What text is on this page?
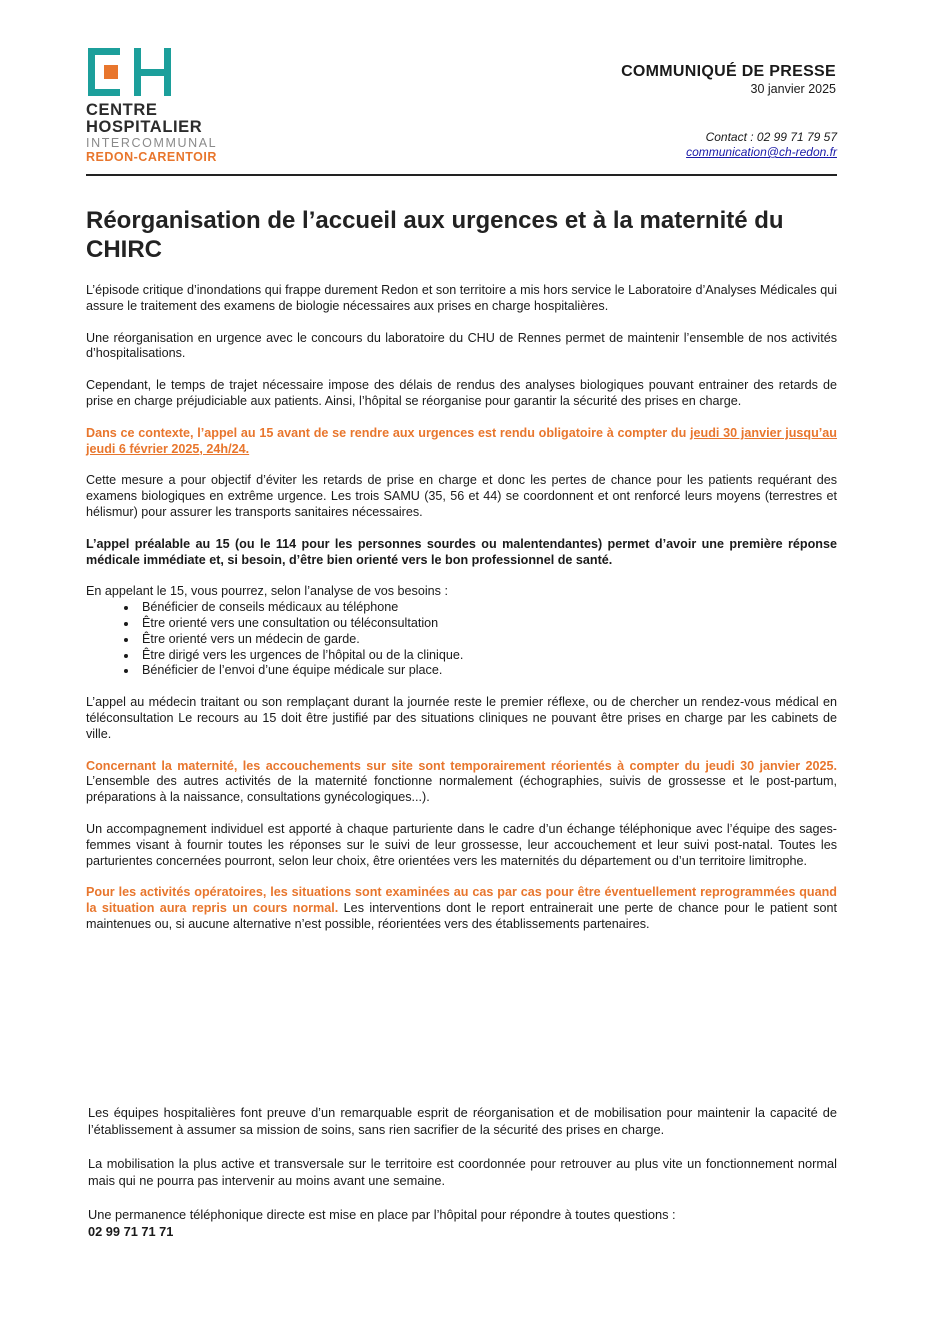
CENTRE
HOSPITALIER
INTERCOMMUNAL
REDON-CARENTOIR
COMMUNIQUÉ DE PRESSE
30 janvier 2025
Contact : 02 99 71 79 57
communication@ch-redon.fr
Réorganisation de l’accueil aux urgences et à la maternité du CHIRC

L’épisode critique d’inondations qui frappe durement Redon et son territoire a mis hors service le Laboratoire d’Analyses Médicales qui assure le traitement des examens de biologie nécessaires aux prises en charge hospitalières.

Une réorganisation en urgence avec le concours du laboratoire du CHU de Rennes permet de maintenir l’ensemble de nos activités d’hospitalisations.

Cependant, le temps de trajet nécessaire impose des délais de rendus des analyses biologiques pouvant entrainer des retards de prise en charge préjudiciable aux patients. Ainsi, l’hôpital se réorganise pour garantir la sécurité des prises en charge.

Dans ce contexte, l’appel au 15 avant de se rendre aux urgences est rendu obligatoire à compter du jeudi 30 janvier jusqu’au jeudi 6 février 2025, 24h/24.

Cette mesure a pour objectif d’éviter les retards de prise en charge et donc les pertes de chance pour les patients requérant des examens biologiques en extrême urgence. Les trois SAMU (35, 56 et 44) se coordonnent et ont renforcé leurs moyens (terrestres et hélismur) pour assurer les transports sanitaires nécessaires.

L’appel préalable au 15 (ou le 114 pour les personnes sourdes ou malentendantes) permet d’avoir une première réponse médicale immédiate et, si besoin, d’être bien orienté vers le bon professionnel de santé.

En appelant le 15, vous pourrez, selon l’analyse de vos besoins :

• Bénéficier de conseils médicaux au téléphone
• Être orienté vers une consultation ou téléconsultation
• Être orienté vers un médecin de garde.
• Être dirigé vers les urgences de l’hôpital ou de la clinique.
• Bénéficier de l’envoi d’une équipe médicale sur place.

L’appel au médecin traitant ou son remplaçant durant la journée reste le premier réflexe, ou de chercher un rendez-vous médical en téléconsultation Le recours au 15 doit être justifié par des situations cliniques ne pouvant être prises en charge par les cabinets de ville.

Concernant la maternité, les accouchements sur site sont temporairement réorientés à compter du jeudi 30 janvier 2025. L’ensemble des autres activités de la maternité fonctionne normalement (échographies, suivis de grossesse et le post-partum, préparations à la naissance, consultations gynécologiques...).

Un accompagnement individuel est apporté à chaque parturiente dans le cadre d’un échange téléphonique avec l’équipe des sages-femmes visant à fournir toutes les réponses sur le suivi de leur grossesse, leur accouchement et leur suivi post-natal. Toutes les parturientes concernées pourront, selon leur choix, être orientées vers les maternités du département ou d’un territoire limitrophe.

Pour les activités opératoires, les situations sont examinées au cas par cas pour être éventuellement reprogrammées quand la situation aura repris un cours normal. Les interventions dont le report entrainerait une perte de chance pour le patient sont maintenues ou, si aucune alternative n’est possible, réorientées vers des établissements partenaires.

Les équipes hospitalières font preuve d’un remarquable esprit de réorganisation et de mobilisation pour maintenir la capacité de l’établissement à assumer sa mission de soins, sans rien sacrifier de la sécurité des prises en charge.

La mobilisation la plus active et transversale sur le territoire est coordonnée pour retrouver au plus vite un fonctionnement normal mais qui ne pourra pas intervenir au moins avant une semaine.

Une permanence téléphonique directe est mise en place par l’hôpital pour répondre à toutes questions :
02 99 71 71 71
